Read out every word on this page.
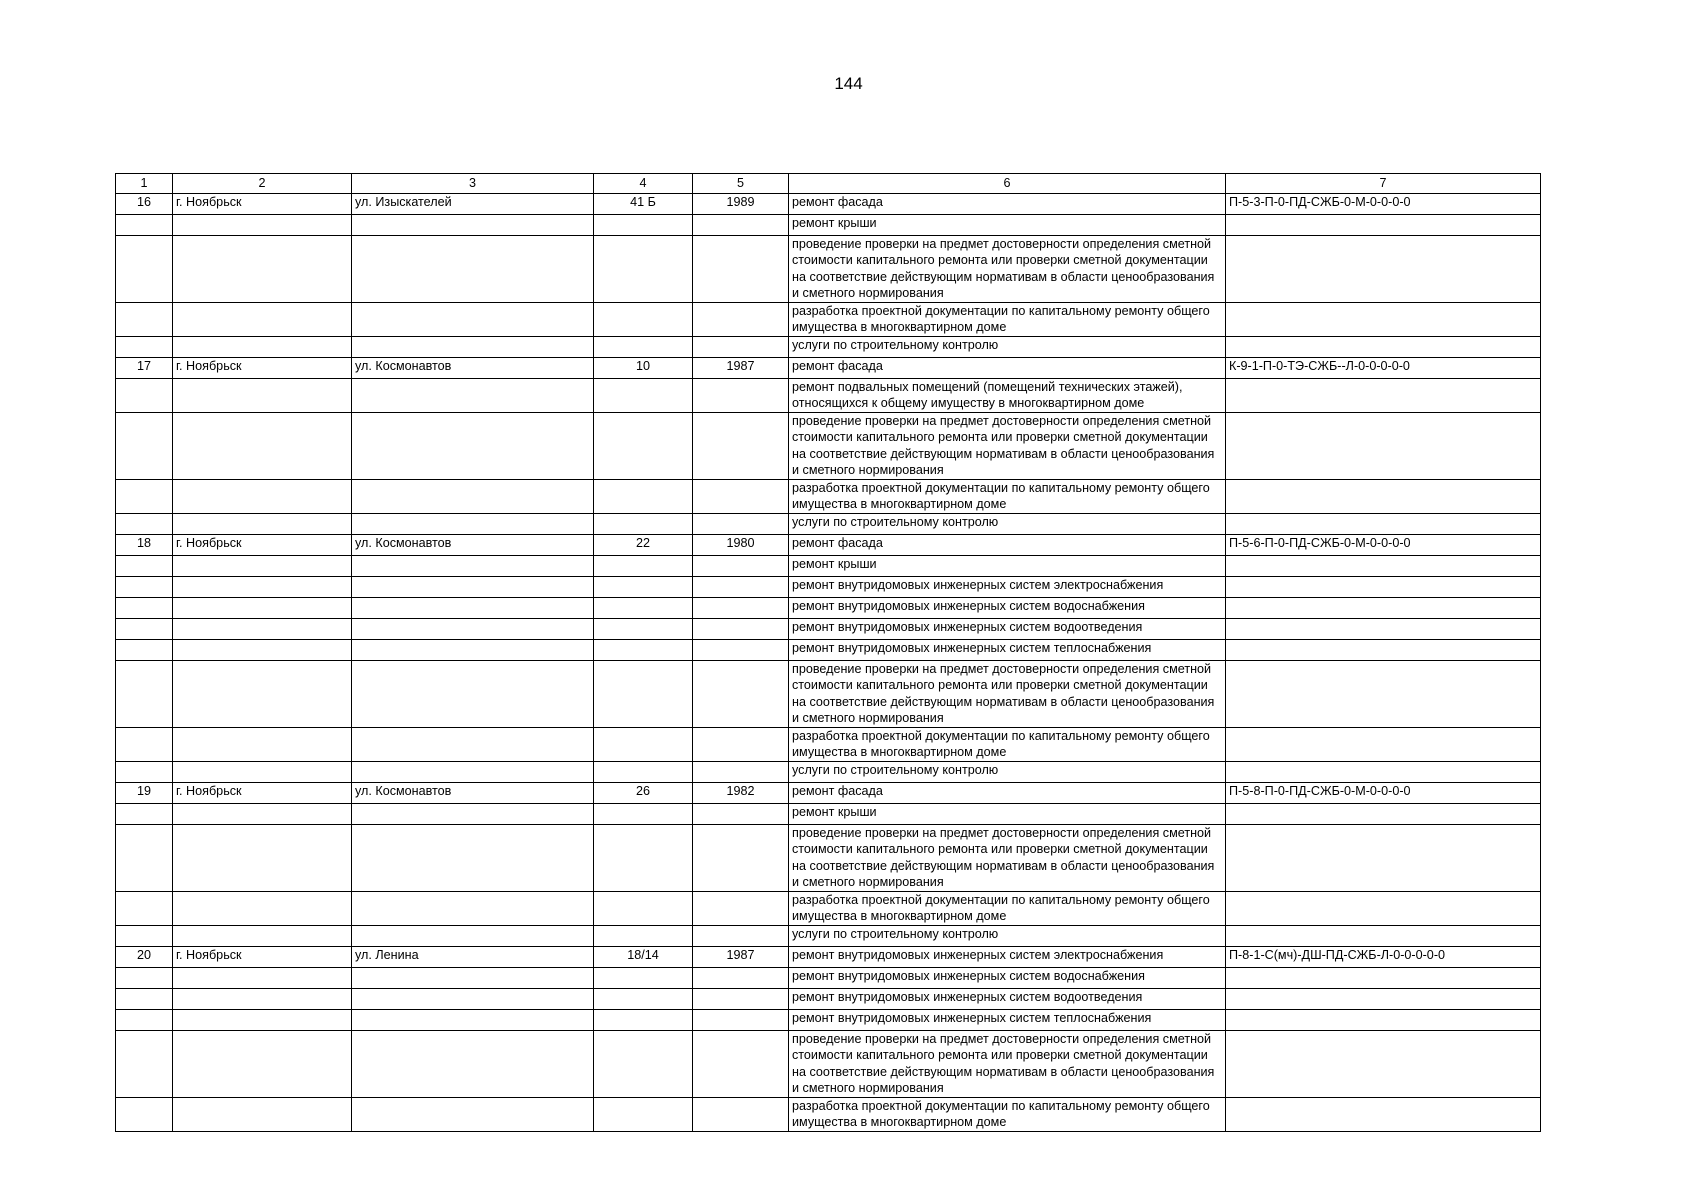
144
1	2	3	4	5	6	7
16	г. Ноябрьск	ул. Изыскателей	41 Б	1989	ремонт фасада	П-5-3-П-0-ПД-СЖБ-0-М-0-0-0-0
					ремонт крыши	
					проведение проверки на предмет достоверности определения сметной стоимости капитального ремонта или проверки сметной документации на соответствие действующим нормативам в области ценообразования и сметного нормирования	
					разработка проектной документации по капитальному ремонту общего имущества в многоквартирном доме	
					услуги по строительному контролю	
17	г. Ноябрьск	ул. Космонавтов	10	1987	ремонт фасада	К-9-1-П-0-ТЭ-СЖБ--Л-0-0-0-0-0
					ремонт подвальных помещений (помещений технических этажей), относящихся к общему имуществу в многоквартирном доме	
					проведение проверки на предмет достоверности определения сметной стоимости капитального ремонта или проверки сметной документации на соответствие действующим нормативам в области ценообразования и сметного нормирования	
					разработка проектной документации по капитальному ремонту общего имущества в многоквартирном доме	
					услуги по строительному контролю	
18	г. Ноябрьск	ул. Космонавтов	22	1980	ремонт фасада	П-5-6-П-0-ПД-СЖБ-0-М-0-0-0-0
					ремонт крыши	
					ремонт внутридомовых инженерных систем электроснабжения	
					ремонт внутридомовых инженерных систем водоснабжения	
					ремонт внутридомовых инженерных систем водоотведения	
					ремонт внутридомовых инженерных систем теплоснабжения	
					проведение проверки на предмет достоверности определения сметной стоимости капитального ремонта или проверки сметной документации на соответствие действующим нормативам в области ценообразования и сметного нормирования	
					разработка проектной документации по капитальному ремонту общего имущества в многоквартирном доме	
					услуги по строительному контролю	
19	г. Ноябрьск	ул. Космонавтов	26	1982	ремонт фасада	П-5-8-П-0-ПД-СЖБ-0-М-0-0-0-0
					ремонт крыши	
					проведение проверки на предмет достоверности определения сметной стоимости капитального ремонта или проверки сметной документации на соответствие действующим нормативам в области ценообразования и сметного нормирования	
					разработка проектной документации по капитальному ремонту общего имущества в многоквартирном доме	
					услуги по строительному контролю	
20	г. Ноябрьск	ул. Ленина	18/14	1987	ремонт внутридомовых инженерных систем электроснабжения	П-8-1-С(мч)-ДШ-ПД-СЖБ-Л-0-0-0-0-0
					ремонт внутридомовых инженерных систем водоснабжения	
					ремонт внутридомовых инженерных систем водоотведения	
					ремонт внутридомовых инженерных систем теплоснабжения	
					проведение проверки на предмет достоверности определения сметной стоимости капитального ремонта или проверки сметной документации на соответствие действующим нормативам в области ценообразования и сметного нормирования	
					разработка проектной документации по капитальному ремонту общего имущества в многоквартирном доме	
